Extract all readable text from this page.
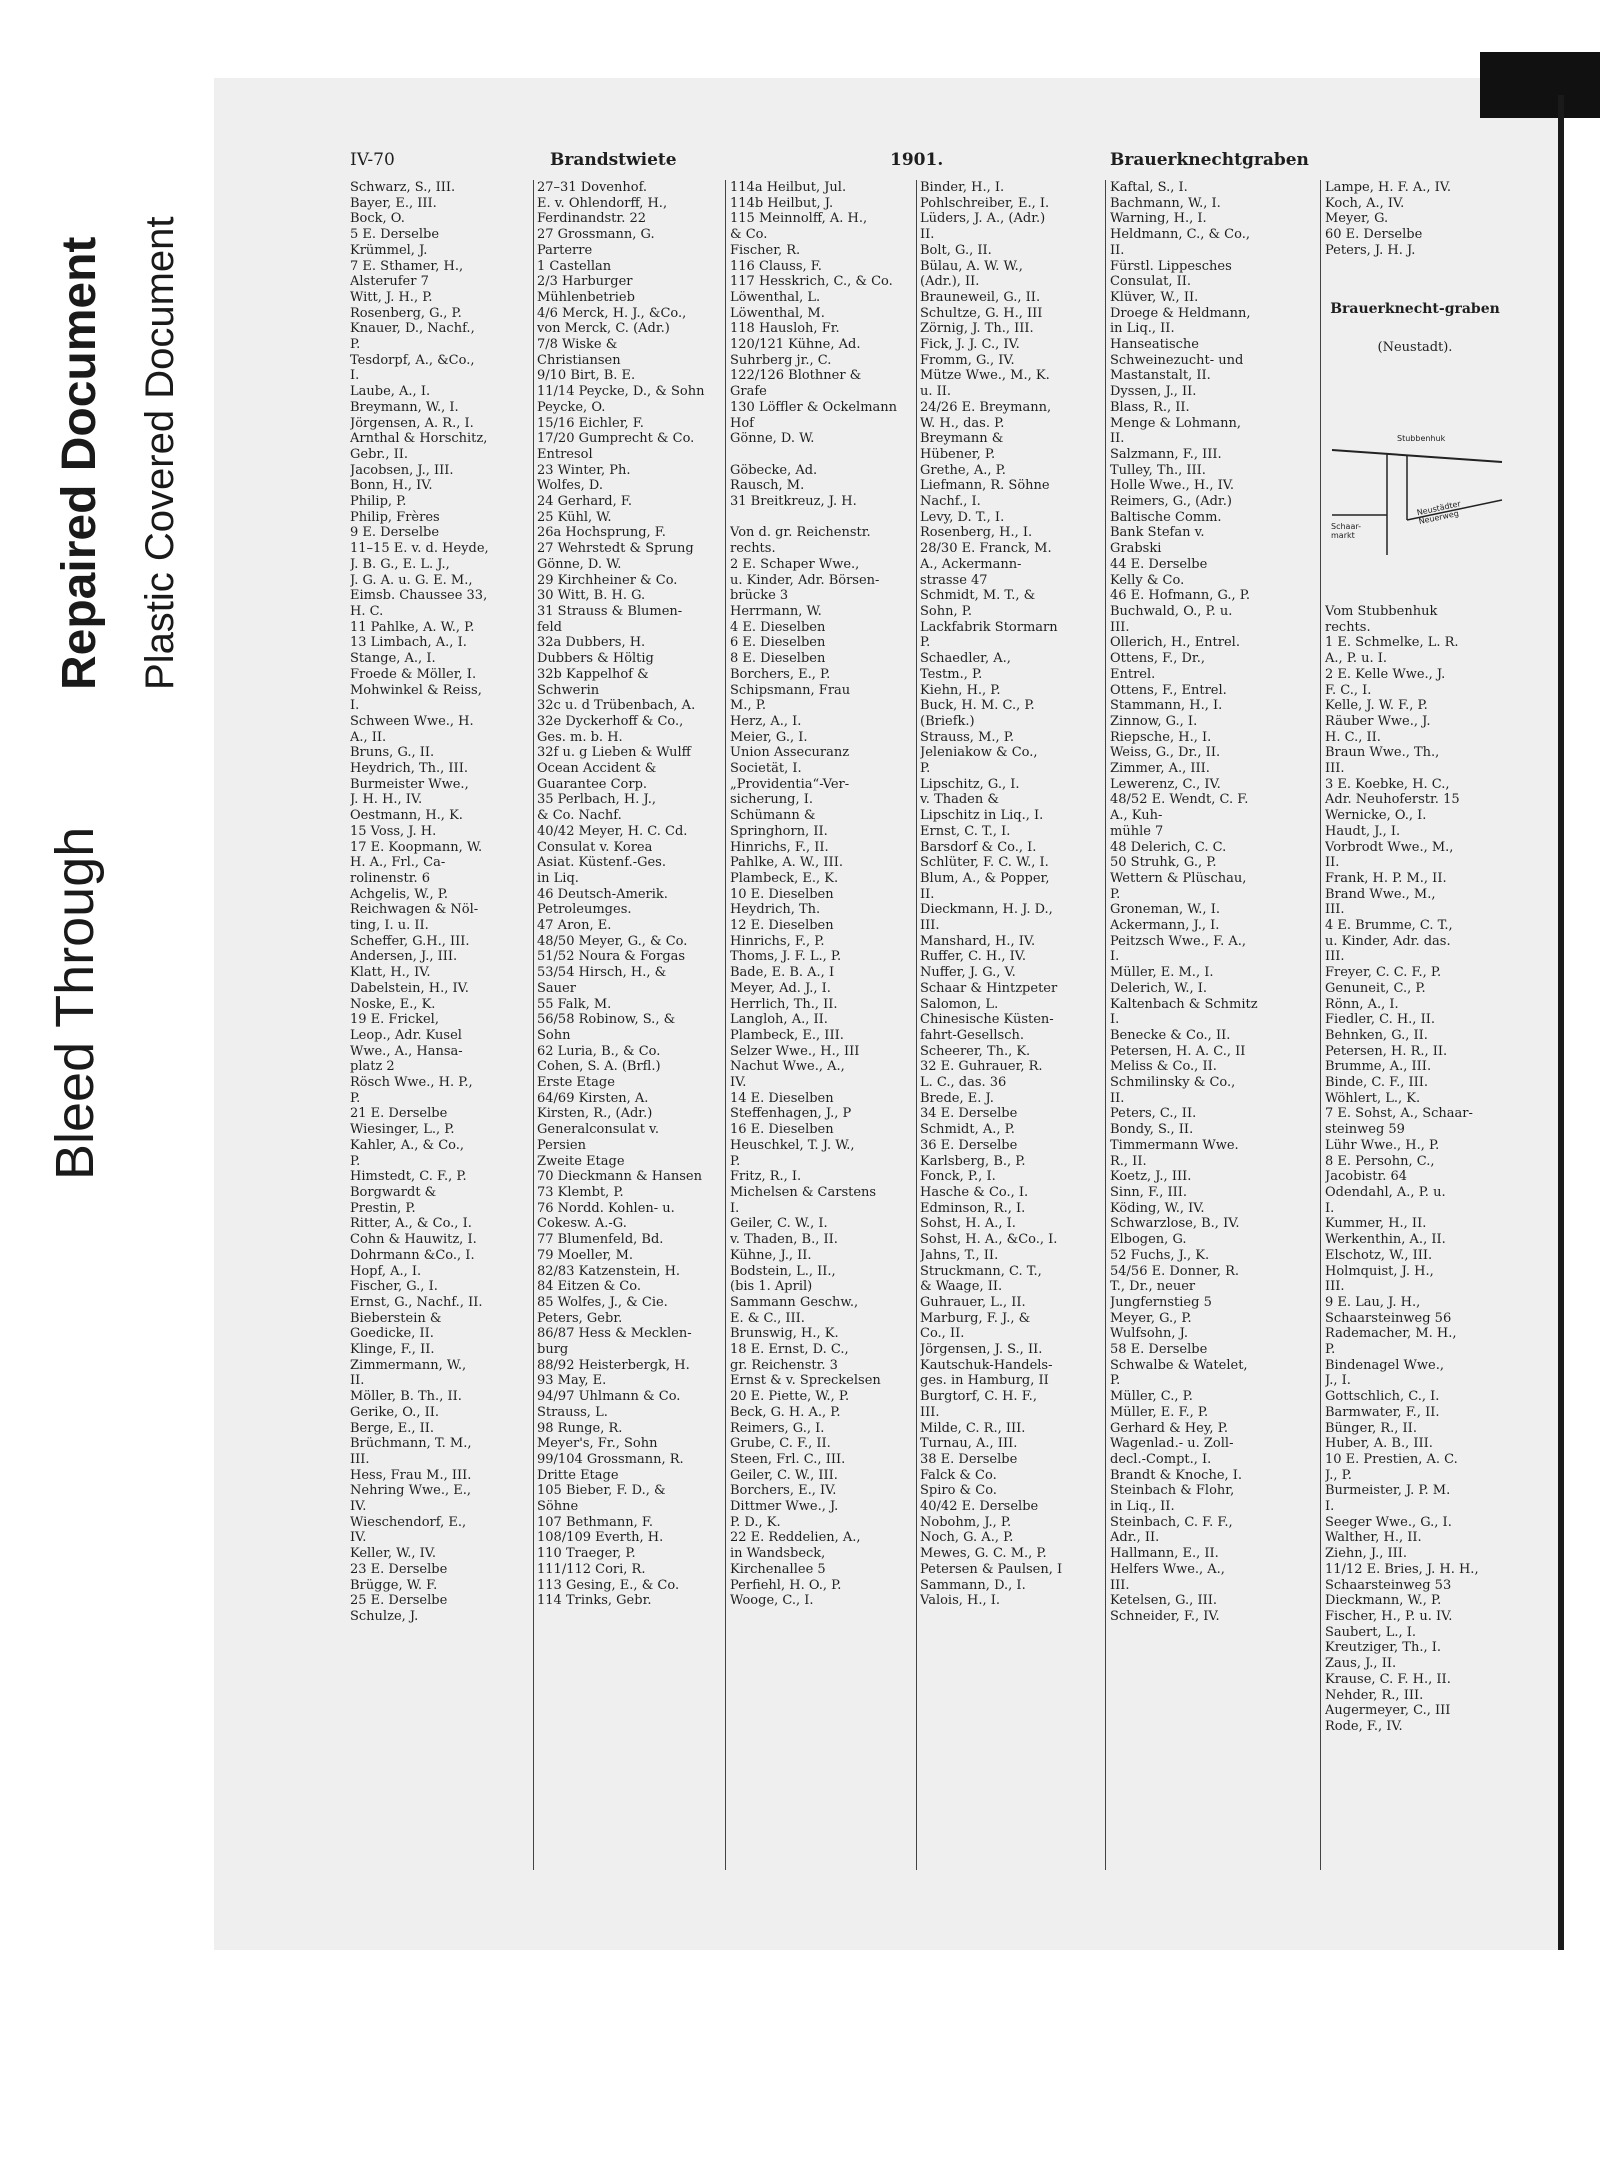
Bleed Through
Repaired Document Plastic Covered Document
IV-70	Brandstwiete	1901.	Brauerknechtgraben
Schwarz, S., III.
Bayer, E., III.
Bock, O.
5 E. Derselbe
Krümmel, J.
7 E. Sthamer, H.,
Alsterufer 7
Witt, J. H., P.
Rosenberg, G., P.
Knauer, D., Nachf.,
P.
Tesdorpf, A., &Co.,
I.
Laube, A., I.
Breymann, W., I.
Jörgensen, A. R., I.
Arnthal & Horschitz,
Gebr., II.
Jacobsen, J., III.
Bonn, H., IV.
Philip, P.
Philip, Frères
9 E. Derselbe
11–15 E. v. d. Heyde,
J. B. G., E. L. J.,
J. G. A. u. G. E. M.,
Eimsb. Chaussee 33,
H. C.
11 Pahlke, A. W., P.
13 Limbach, A., I.
Stange, A., I.
Froede & Möller, I.
Mohwinkel & Reiss,
I.
Schween Wwe., H.
A., II.
Bruns, G., II.
Heydrich, Th., III.
Burmeister Wwe.,
J. H. H., IV.
Oestmann, H., K.
15 Voss, J. H.
17 E. Koopmann, W.
H. A., Frl., Ca-
rolinenstr. 6
Achgelis, W., P.
Reichwagen & Nöl-
ting, I. u. II.
Scheffer, G.H., III.
Andersen, J., III.
Klatt, H., IV.
Dabelstein, H., IV.
Noske, E., K.
19 E. Frickel,
Leop., Adr. Kusel
Wwe., A., Hansa-
platz 2
Rösch Wwe., H. P.,
P.
21 E. Derselbe
Wiesinger, L., P.
Kahler, A., & Co.,
P.
Himstedt, C. F., P.
Borgwardt &
Prestin, P.
Ritter, A., & Co., I.
Cohn & Hauwitz, I.
Dohrmann &Co., I.
Hopf, A., I.
Fischer, G., I.
Ernst, G., Nachf., II.
Bieberstein &
Goedicke, II.
Klinge, F., II.
Zimmermann, W.,
II.
Möller, B. Th., II.
Gerike, O., II.
Berge, E., II.
Brüchmann, T. M.,
III.
Hess, Frau M., III.
Nehring Wwe., E.,
IV.
Wieschendorf, E.,
IV.
Keller, W., IV.
23 E. Derselbe
Brügge, W. F.
25 E. Derselbe
Schulze, J.
27–31 Dovenhof.
E. v. Ohlendorff, H.,
Ferdinandstr. 22
27 Grossmann, G.
Parterre
1 Castellan
2/3 Harburger
Mühlenbetrieb
4/6 Merck, H. J., &Co.,
von Merck, C. (Adr.)
7/8 Wiske &
Christiansen
9/10 Birt, B. E.
11/14 Peycke, D., & Sohn
Peycke, O.
15/16 Eichler, F.
17/20 Gumprecht & Co.
Entresol
23 Winter, Ph.
Wolfes, D.
24 Gerhard, F.
25 Kühl, W.
26a Hochsprung, F.
27 Wehrstedt & Sprung
Gönne, D. W.
29 Kirchheiner & Co.
30 Witt, B. H. G.
31 Strauss & Blumen-
feld
32a Dubbers, H.
Dubbers & Höltig
32b Kappelhof &
Schwerin
32c u. d Trübenbach, A.
32e Dyckerhoff & Co.,
Ges. m. b. H.
32f u. g Lieben & Wulff
Ocean Accident &
Guarantee Corp.
35 Perlbach, H. J.,
& Co. Nachf.
40/42 Meyer, H. C. Cd.
Consulat v. Korea
Asiat. Küstenf.-Ges.
in Liq.
46 Deutsch-Amerik.
Petroleumges.
47 Aron, E.
48/50 Meyer, G., & Co.
51/52 Noura & Forgas
53/54 Hirsch, H., &
Sauer
55 Falk, M.
56/58 Robinow, S., &
Sohn
62 Luria, B., & Co.
Cohen, S. A. (Brfl.)
Erste Etage
64/69 Kirsten, A.
Kirsten, R., (Adr.)
Generalconsulat v.
Persien
Zweite Etage
70 Dieckmann & Hansen
73 Klembt, P.
76 Nordd. Kohlen- u.
Cokesw. A.-G.
77 Blumenfeld, Bd.
79 Moeller, M.
82/83 Katzenstein, H.
84 Eitzen & Co.
85 Wolfes, J., & Cie.
Peters, Gebr.
86/87 Hess & Mecklen-
burg
88/92 Heisterbergk, H.
93 May, E.
94/97 Uhlmann & Co.
Strauss, L.
98 Runge, R.
Meyer's, Fr., Sohn
99/104 Grossmann, R.
Dritte Etage
105 Bieber, F. D., &
Söhne
107 Bethmann, F.
108/109 Everth, H.
110 Traeger, P.
111/112 Cori, R.
113 Gesing, E., & Co.
114 Trinks, Gebr.
114a Heilbut, Jul.
114b Heilbut, J.
115 Meinnolff, A. H.,
& Co.
Fischer, R.
116 Clauss, F.
117 Hesskrich, C., & Co.
Löwenthal, L.
Löwenthal, M.
118 Hausloh, Fr.
120/121 Kühne, Ad.
Suhrberg jr., C.
122/126 Blothner &
Grafe
130 Löffler & Ockelmann
Hof
Gönne, D. W.

Göbecke, Ad.
Rausch, M.
31 Breitkreuz, J. H.

Von d. gr. Reichenstr.
rechts.
2 E. Schaper Wwe.,
u. Kinder, Adr. Börsen-
brücke 3
Herrmann, W.
4 E. Dieselben
6 E. Dieselben
8 E. Dieselben
Borchers, E., P.
Schipsmann, Frau
M., P.
Herz, A., I.
Meier, G., I.
Union Assecuranz
Societät, I.
„Providentia“-Ver-
sicherung, I.
Schümann &
Springhorn, II.
Hinrichs, F., II.
Pahlke, A. W., III.
Plambeck, E., K.
10 E. Dieselben
Heydrich, Th.
12 E. Dieselben
Hinrichs, F., P.
Thoms, J. F. L., P.
Bade, E. B. A., I
Meyer, Ad. J., I.
Herrlich, Th., II.
Langloh, A., II.
Plambeck, E., III.
Selzer Wwe., H., III
Nachut Wwe., A.,
IV.
14 E. Dieselben
Steffenhagen, J., P
16 E. Dieselben
Heuschkel, T. J. W.,
P.
Fritz, R., I.
Michelsen & Carstens
I.
Geiler, C. W., I.
v. Thaden, B., II.
Kühne, J., II.
Bodstein, L., II.,
(bis 1. April)
Sammann Geschw.,
E. & C., III.
Brunswig, H., K.
18 E. Ernst, D. C.,
gr. Reichenstr. 3
Ernst & v. Spreckelsen
20 E. Piette, W., P.
Beck, G. H. A., P.
Reimers, G., I.
Grube, C. F., II.
Steen, Frl. C., III.
Geiler, C. W., III.
Borchers, E., IV.
Dittmer Wwe., J.
P. D., K.
22 E. Reddelien, A.,
in Wandsbeck,
Kirchenallee 5
Perfiehl, H. O., P.
Wooge, C., I.
Binder, H., I.
Pohlschreiber, E., I.
Lüders, J. A., (Adr.)
II.
Bolt, G., II.
Bülau, A. W. W.,
(Adr.), II.
Brauneweil, G., II.
Schultze, G. H., III
Zörnig, J. Th., III.
Fick, J. J. C., IV.
Fromm, G., IV.
Mütze Wwe., M., K.
u. II.
24/26 E. Breymann,
W. H., das. P.
Breymann &
Hübener, P.
Grethe, A., P.
Liefmann, R. Söhne
Nachf., I.
Levy, D. T., I.
Rosenberg, H., I.
28/30 E. Franck, M.
A., Ackermann-
strasse 47
Schmidt, M. T., &
Sohn, P.
Lackfabrik Stormarn
P.
Schaedler, A.,
Testm., P.
Kiehn, H., P.
Buck, H. M. C., P.
(Briefk.)
Strauss, M., P.
Jeleniakow & Co.,
P.
Lipschitz, G., I.
v. Thaden &
Lipschitz in Liq., I.
Ernst, C. T., I.
Barsdorf & Co., I.
Schlüter, F. C. W., I.
Blum, A., & Popper,
II.
Dieckmann, H. J. D.,
III.
Manshard, H., IV.
Ruffer, C. H., IV.
Nuffer, J. G., V.
Schaar & Hintzpeter
Salomon, L.
Chinesische Küsten-
fahrt-Gesellsch.
Scheerer, Th., K.
32 E. Guhrauer, R.
L. C., das. 36
Brede, E. J.
34 E. Derselbe
Schmidt, A., P.
36 E. Derselbe
Karlsberg, B., P.
Fonck, P., I.
Hasche & Co., I.
Edminson, R., I.
Sohst, H. A., I.
Sohst, H. A., &Co., I.
Jahns, T., II.
Struckmann, C. T.,
& Waage, II.
Guhrauer, L., II.
Marburg, F. J., &
Co., II.
Jörgensen, J. S., II.
Kautschuk-Handels-
ges. in Hamburg, II
Burgtorf, C. H. F.,
III.
Milde, C. R., III.
Turnau, A., III.
38 E. Derselbe
Falck & Co.
Spiro & Co.
40/42 E. Derselbe
Nobohm, J., P.
Noch, G. A., P.
Mewes, G. C. M., P.
Petersen & Paulsen, I
Sammann, D., I.
Valois, H., I.
Kaftal, S., I.
Bachmann, W., I.
Warning, H., I.
Heldmann, C., & Co.,
II.
Fürstl. Lippesches
Consulat, II.
Klüver, W., II.
Droege & Heldmann,
in Liq., II.
Hanseatische
Schweinezucht- und
Mastanstalt, II.
Dyssen, J., II.
Blass, R., II.
Menge & Lohmann,
II.
Salzmann, F., III.
Tulley, Th., III.
Holle Wwe., H., IV.
Reimers, G., (Adr.)
Baltische Comm.
Bank Stefan v.
Grabski
44 E. Derselbe
Kelly & Co.
46 E. Hofmann, G., P.
Buchwald, O., P. u.
III.
Ollerich, H., Entrel.
Ottens, F., Dr.,
Entrel.
Ottens, F., Entrel.
Stammann, H., I.
Zinnow, G., I.
Riepsche, H., I.
Weiss, G., Dr., II.
Zimmer, A., III.
Lewerenz, C., IV.
48/52 E. Wendt, C. F.
A., Kuh-
mühle 7
48 Delerich, C. C.
50 Struhk, G., P.
Wettern & Plüschau,
P.
Groneman, W., I.
Ackermann, J., I.
Peitzsch Wwe., F. A.,
I.
Müller, E. M., I.
Delerich, W., I.
Kaltenbach & Schmitz
I.
Benecke & Co., II.
Petersen, H. A. C., II
Meliss & Co., II.
Schmilinsky & Co.,
II.
Peters, C., II.
Bondy, S., II.
Timmermann Wwe.
R., II.
Koetz, J., III.
Sinn, F., III.
Köding, W., IV.
Schwarzlose, B., IV.
Elbogen, G.
52 Fuchs, J., K.
54/56 E. Donner, R.
T., Dr., neuer
Jungfernstieg 5
Meyer, G., P.
Wulfsohn, J.
58 E. Derselbe
Schwalbe & Watelet,
P.
Müller, C., P.
Müller, E. F., P.
Gerhard & Hey, P.
Wagenlad.- u. Zoll-
decl.-Compt., I.
Brandt & Knoche, I.
Steinbach & Flohr,
in Liq., II.
Steinbach, C. F. F.,
Adr., II.
Hallmann, E., II.
Helfers Wwe., A.,
III.
Ketelsen, G., III.
Schneider, F., IV.
Lampe, H. F. A., IV.
Koch, A., IV.
Meyer, G.
60 E. Derselbe
Peters, J. H. J.

Vom Stubbenhuk
rechts.
1 E. Schmelke, L. R.
A., P. u. I.
2 E. Kelle Wwe., J.
F. C., I.
Kelle, J. W. F., P.
Räuber Wwe., J.
H. C., II.
Braun Wwe., Th.,
III.
3 E. Koebke, H. C.,
Adr. Neuhoferstr. 15
Wernicke, O., I.
Haudt, J., I.
Vorbrodt Wwe., M.,
II.
Frank, H. P. M., II.
Brand Wwe., M.,
III.
4 E. Brumme, C. T.,
u. Kinder, Adr. das.
III.
Freyer, C. C. F., P.
Genuneit, C., P.
Rönn, A., I.
Fiedler, C. H., II.
Behnken, G., II.
Petersen, H. R., II.
Brumme, A., III.
Binde, C. F., III.
Wöhlert, L., K.
7 E. Sohst, A., Schaar-
steinweg 59
Lühr Wwe., H., P.
8 E. Persohn, C.,
Jacobistr. 64
Odendahl, A., P. u.
I.
Kummer, H., II.
Werkenthin, A., II.
Elschotz, W., III.
Holmquist, J. H.,
III.
9 E. Lau, J. H.,
Schaarsteinweg 56
Rademacher, M. H.,
P.
Bindenagel Wwe.,
J., I.
Gottschlich, C., I.
Barmwater, F., II.
Bünger, R., II.
Huber, A. B., III.
10 E. Prestien, A. C.
J., P.
Burmeister, J. P. M.
I.
Seeger Wwe., G., I.
Walther, H., II.
Ziehn, J., III.
11/12 E. Bries, J. H. H.,
Schaarsteinweg 53
Dieckmann, W., P.
Fischer, H., P. u. IV.
Saubert, L., I.
Kreutziger, Th., I.
Zaus, J., II.
Krause, C. F. H., II.
Nehder, R., III.
Augermeyer, C., III
Rode, F., IV.
Brauerknecht-graben
(Neustadt).
Stubbenhuk
Schaar-markt
Neustädter Neuerweg
